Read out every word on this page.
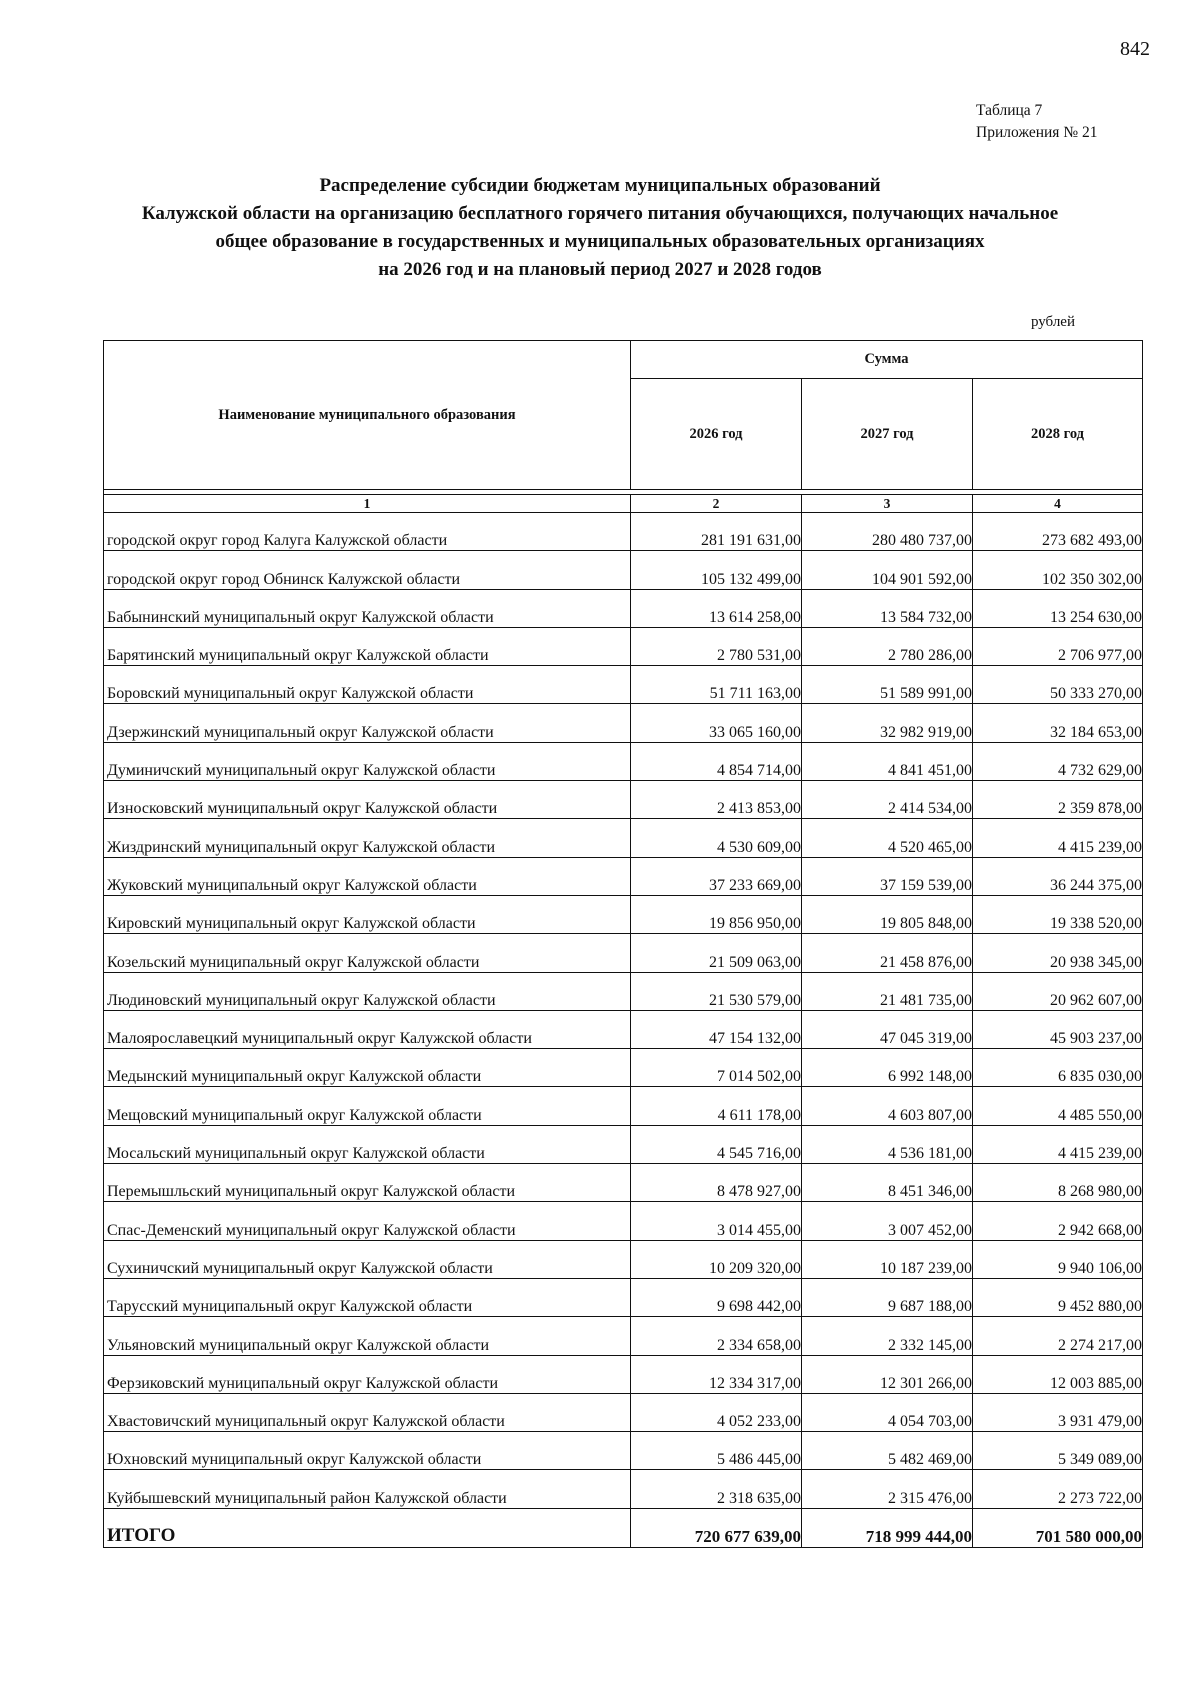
842
Таблица 7
Приложения № 21
Распределение субсидии бюджетам муниципальных образований
Калужской области на организацию бесплатного горячего питания обучающихся, получающих начальное
общее образование в государственных и муниципальных образовательных организациях
на 2026 год и на плановый период 2027 и 2028 годов
рублей
Наименование муниципального образования	Сумма		
	2026 год	2027 год	2028 год

1	2	3	4
городской округ город Калуга Калужской области	281 191 631,00	280 480 737,00	273 682 493,00
городской округ город Обнинск Калужской области	105 132 499,00	104 901 592,00	102 350 302,00
Бабынинский муниципальный округ Калужской области	13 614 258,00	13 584 732,00	13 254 630,00
Барятинский муниципальный округ Калужской области	2 780 531,00	2 780 286,00	2 706 977,00
Боровский муниципальный округ Калужской области	51 711 163,00	51 589 991,00	50 333 270,00
Дзержинский муниципальный округ Калужской области	33 065 160,00	32 982 919,00	32 184 653,00
Думиничский муниципальный округ Калужской области	4 854 714,00	4 841 451,00	4 732 629,00
Износковский муниципальный округ Калужской области	2 413 853,00	2 414 534,00	2 359 878,00
Жиздринский муниципальный округ Калужской области	4 530 609,00	4 520 465,00	4 415 239,00
Жуковский муниципальный округ Калужской области	37 233 669,00	37 159 539,00	36 244 375,00
Кировский муниципальный округ Калужской области	19 856 950,00	19 805 848,00	19 338 520,00
Козельский муниципальный округ Калужской области	21 509 063,00	21 458 876,00	20 938 345,00
Людиновский муниципальный округ Калужской области	21 530 579,00	21 481 735,00	20 962 607,00
Малоярославецкий муниципальный округ Калужской области	47 154 132,00	47 045 319,00	45 903 237,00
Медынский муниципальный округ Калужской области	7 014 502,00	6 992 148,00	6 835 030,00
Мещовский муниципальный округ Калужской области	4 611 178,00	4 603 807,00	4 485 550,00
Мосальский муниципальный округ Калужской области	4 545 716,00	4 536 181,00	4 415 239,00
Перемышльский муниципальный округ Калужской области	8 478 927,00	8 451 346,00	8 268 980,00
Спас-Деменский муниципальный округ Калужской области	3 014 455,00	3 007 452,00	2 942 668,00
Сухиничский муниципальный округ Калужской области	10 209 320,00	10 187 239,00	9 940 106,00
Тарусский муниципальный округ Калужской области	9 698 442,00	9 687 188,00	9 452 880,00
Ульяновский муниципальный округ Калужской области	2 334 658,00	2 332 145,00	2 274 217,00
Ферзиковский муниципальный округ Калужской области	12 334 317,00	12 301 266,00	12 003 885,00
Хвастовичский муниципальный округ Калужской области	4 052 233,00	4 054 703,00	3 931 479,00
Юхновский муниципальный округ Калужской области	5 486 445,00	5 482 469,00	5 349 089,00
Куйбышевский муниципальный район Калужской области	2 318 635,00	2 315 476,00	2 273 722,00
ИТОГО	720 677 639,00	718 999 444,00	701 580 000,00
